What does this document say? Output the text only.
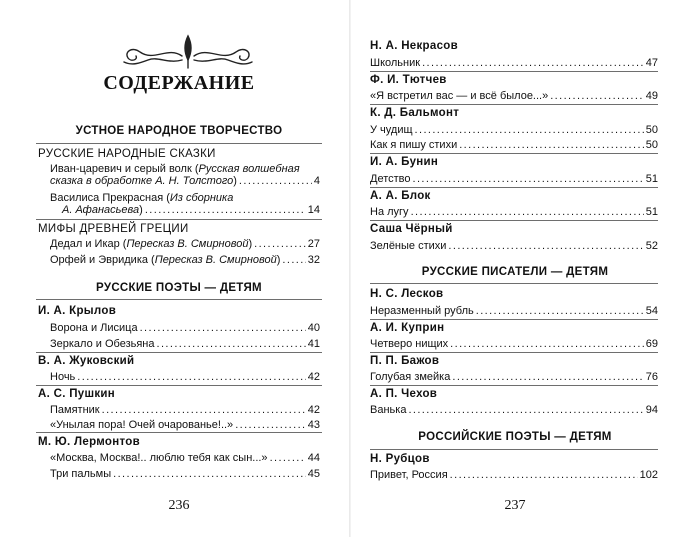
СОДЕРЖАНИЕ
УСТНОЕ НАРОДНОЕ ТВОРЧЕСТВО
РУССКИЕ НАРОДНЫЕ СКАЗКИ
Иван-царевич и серый волк ( Русская волшебная
сказка в обработке А. Н. Толстого) .....	4
Василиса Прекрасная ( Из сборника
А. Афанасьева) .....	14
МИФЫ ДРЕВНЕЙ ГРЕЦИИ
Дедал и Икар (Пересказ В. Смирновой) .....	27
Орфей и Эвридика (Пересказ В. Смирновой) ..... 32
РУССКИЕ ПОЭТЫ — ДЕТЯМ
И. А. Крылов
Ворона и Лисица .....	40
Зеркало и Обезьяна .....	41
В. А. Жуковский
Ночь .....	42
А. С. Пушкин
Памятник .....	42
«Унылая пора! Очей очарованье!..» .....	43
М. Ю. Лермонтов
«Москва, Москва!.. люблю тебя как сын...» .....	44
Три пальмы .....	45
236
Н. А. Некрасов
Школьник .....	47
Ф. И. Тютчев
«Я встретил вас — и всё былое...» .....	49
К. Д. Бальмонт
У чудищ .....	50
Как я пишу стихи .....	50
И. А. Бунин
Детство .....	51
А. А. Блок
На лугу .....	51
Саша Чёрный
Зелёные стихи .....	52
РУССКИЕ ПИСАТЕЛИ — ДЕТЯМ
Н. С. Лесков
Неразменный рубль .....	54
А. И. Куприн
Четверо нищих .....	69
П. П. Бажов
Голубая змейка .....	76
А. П. Чехов
Ванька .....	94
РОССИЙСКИЕ ПОЭТЫ — ДЕТЯМ
Н. Рубцов
Привет, Россия .....	102
237
